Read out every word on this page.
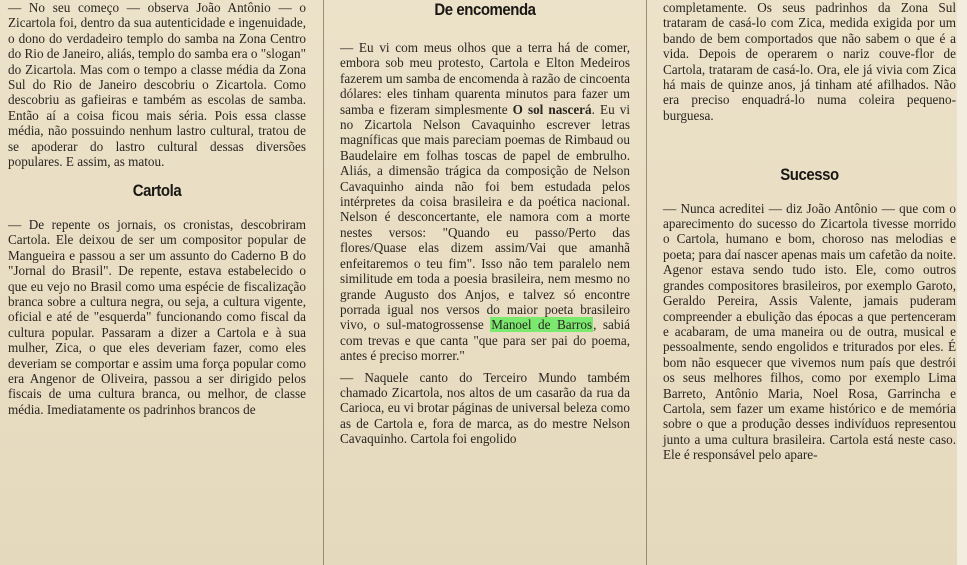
— No seu começo — observa João Antônio — o Zicartola foi, dentro da sua autenticidade e ingenuidade, o dono do verdadeiro templo do samba na Zona Centro do Rio de Janeiro, aliás, templo do samba era o "slogan" do Zicartola. Mas com o tempo a classe média da Zona Sul do Rio de Janeiro descobriu o Zicartola. Como descobriu as gafieiras e também as escolas de samba. Então aí a coisa ficou mais séria. Pois essa classe média, não possuindo nenhum lastro cultural, tratou de se apoderar do lastro cultural dessas diversões populares. E assim, as matou.

Cartola

— De repente os jornais, os cronistas, descobriram Cartola. Ele deixou de ser um compositor popular de Mangueira e passou a ser um assunto do Caderno B do "Jornal do Brasil". De repente, estava estabelecido o que eu vejo no Brasil como uma espécie de fiscalização branca sobre a cultura negra, ou seja, a cultura vigente, oficial e até de "esquerda" funcionando como fiscal da cultura popular. Passaram a dizer a Cartola e à sua mulher, Zica, o que eles deveriam fazer, como eles deveriam se comportar e assim uma força popular como era Angenor de Oliveira, passou a ser dirigido pelos fiscais de uma cultura branca, ou melhor, de classe média. Imediatamente os padrinhos brancos de

De encomenda

— Eu vi com meus olhos que a terra há de comer, embora sob meu protesto, Cartola e Elton Medeiros fazerem um samba de encomenda à razão de cincoenta dólares: eles tinham quarenta minutos para fazer um samba e fizeram simplesmente O sol nascerá. Eu vi no Zicartola Nelson Cavaquinho escrever letras magníficas que mais pareciam poemas de Rimbaud ou Baudelaire em folhas toscas de papel de embrulho. Aliás, a dimensão trágica da composição de Nelson Cavaquinho ainda não foi bem estudada pelos intérpretes da coisa brasileira e da poética nacional. Nelson é desconcertante, ele namora com a morte nestes versos: "Quando eu passo/Perto das flores/Quase elas dizem assim/Vai que amanhã enfeitaremos o teu fim". Isso não tem paralelo nem similitude em toda a poesia brasileira, nem mesmo no grande Augusto dos Anjos, e talvez só encontre porrada igual nos versos do maior poeta brasileiro vivo, o sul-matogrossense Manoel de Barros, sabiá com trevas e que canta "que para ser pai do poema, antes é preciso morrer."

— Naquele canto do Terceiro Mundo também chamado Zicartola, nos altos de um casarão da rua da Carioca, eu vi brotar páginas de universal beleza como as de Cartola e, fora de marca, as do mestre Nelson Cavaquinho. Cartola foi engolido

completamente. Os seus padrinhos da Zona Sul trataram de casá-lo com Zica, medida exigida por um bando de bem comportados que não sabem o que é a vida. Depois de operarem o nariz couve-flor de Cartola, trataram de casá-lo. Ora, ele já vivia com Zica há mais de quinze anos, já tinham até afilhados. Não era preciso enquadrá-lo numa coleira pequeno-burguesa.

Sucesso

— Nunca acreditei — diz João Antônio — que com o aparecimento do sucesso do Zicartola tivesse morrido o Cartola, humano e bom, choroso nas melodias e poeta; para daí nascer apenas mais um cafetão da noite. Agenor estava sendo tudo isto. Ele, como outros grandes compositores brasileiros, por exemplo Garoto, Geraldo Pereira, Assis Valente, jamais puderam compreender a ebulição das épocas a que pertenceram e acabaram, de uma maneira ou de outra, musical e pessoalmente, sendo engolidos e triturados por eles. É bom não esquecer que vivemos num país que destrói os seus melhores filhos, como por exemplo Lima Barreto, Antônio Maria, Noel Rosa, Garrincha e Cartola, sem fazer um exame histórico e de memória sobre o que a produção desses indivíduos representou junto a uma cultura brasileira. Cartola está neste caso. Ele é responsável pelo apare-
